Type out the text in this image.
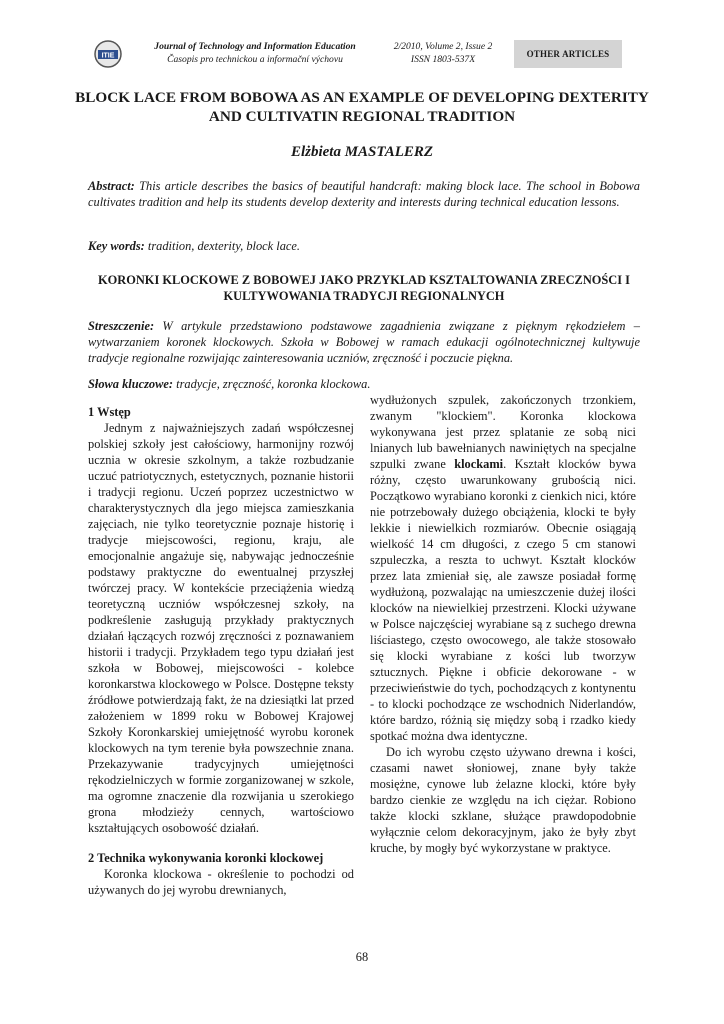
ITIE
Journal of Technology and Information Education
Časopis pro technickou a informační výchovu
2/2010, Volume 2, Issue 2
ISSN 1803-537X	OTHER ARTICLES
BLOCK LACE FROM BOBOWA AS AN EXAMPLE OF DEVELOPING DEXTERITY AND CULTIVATIN REGIONAL TRADITION
Elżbieta MASTALERZ
Abstract: This article describes the basics of beautiful handcraft: making block lace. The school in Bobowa cultivates tradition and help its students develop dexterity and interests during technical education lessons.
Key words: tradition, dexterity, block lace.
KORONKI KLOCKOWE Z BOBOWEJ JAKO PRZYKLAD KSZTALTOWANIA ZRECZNOŚCI I KULTYWOWANIA TRADYCJI REGIONALNYCH
Streszczenie: W artykule przedstawiono podstawowe zagadnienia związane z pięknym rękodziełem – wytwarzaniem koronek klockowych. Szkoła w Bobowej w ramach edukacji ogólnotechnicznej kultywuje tradycje regionalne rozwijając zainteresowania uczniów, zręczność i poczucie piękna.
Słowa kluczowe: tradycje, zręczność, koronka klockowa.
1 Wstęp

Jednym z najważniejszych zadań współczesnej polskiej szkoły jest całościowy, harmonijny rozwój ucznia w okresie szkolnym, a także rozbudzanie uczuć patriotycznych, estetycznych, poznanie historii i tradycji regionu. Uczeń poprzez uczestnictwo w charakterystycznych dla jego miejsca zamieszkania zajęciach, nie tylko teoretycznie poznaje historię i tradycje miejscowości, regionu, kraju, ale emocjonalnie angażuje się, nabywając jednocześnie podstawy praktyczne do ewentualnej przyszłej twórczej pracy. W kontekście przeciążenia wiedzą teoretyczną uczniów współczesnej szkoły, na podkreślenie zasługują przykłady praktycznych działań łączących rozwój zręczności z poznawaniem historii i tradycji. Przykładem tego typu działań jest szkoła w Bobowej, miejscowości - kolebce koronkarstwa klockowego w Polsce. Dostępne teksty źródłowe potwierdzają fakt, że na dziesiątki lat przed założeniem w 1899 roku w Bobowej Krajowej Szkoły Koronkarskiej umiejętność wyrobu koronek klockowych na tym terenie była powszechnie znana. Przekazywanie tradycyjnych umiejętności rękodzielniczych w formie zorganizowanej w szkole, ma ogromne znaczenie dla rozwijania u szerokiego grona młodzieży cennych, wartościowo kształtujących osobowość działań.

2 Technika wykonywania koronki klockowej

Koronka klockowa - określenie to pochodzi od używanych do jej wyrobu drewnianych,

wydłużonych szpulek, zakończonych trzonkiem, zwanym "klockiem". Koronka klockowa wykonywana jest przez splatanie ze sobą nici lnianych lub bawełnianych nawiniętych na specjalne szpulki zwane klockami. Kształt klocków bywa różny, często uwarunkowany grubością nici. Początkowo wyrabiano koronki z cienkich nici, które nie potrzebowały dużego obciążenia, klocki te były lekkie i niewielkich rozmiarów. Obecnie osiągają wielkość 14 cm długości, z czego 5 cm stanowi szpuleczka, a reszta to uchwyt. Kształt klocków przez lata zmieniał się, ale zawsze posiadał formę wydłużoną, pozwalając na umieszczenie dużej ilości klocków na niewielkiej przestrzeni. Klocki używane w Polsce najczęściej wyrabiane są z suchego drewna liściastego, często owocowego, ale także stosowało się klocki wyrabiane z kości lub tworzyw sztucznych. Piękne i obficie dekorowane - w przeciwieństwie do tych, pochodzących z kontynentu - to klocki pochodzące ze wschodnich Niderlandów, które bardzo, różnią się między sobą i rzadko kiedy spotkać można dwa identyczne.

Do ich wyrobu często używano drewna i kości, czasami nawet słoniowej, znane były także mosiężne, cynowe lub żelazne klocki, które były bardzo cienkie ze względu na ich ciężar. Robiono także klocki szklane, służące prawdopodobnie wyłącznie celom dekoracyjnym, jako że były zbyt kruche, by mogły być wykorzystane w praktyce.

68
